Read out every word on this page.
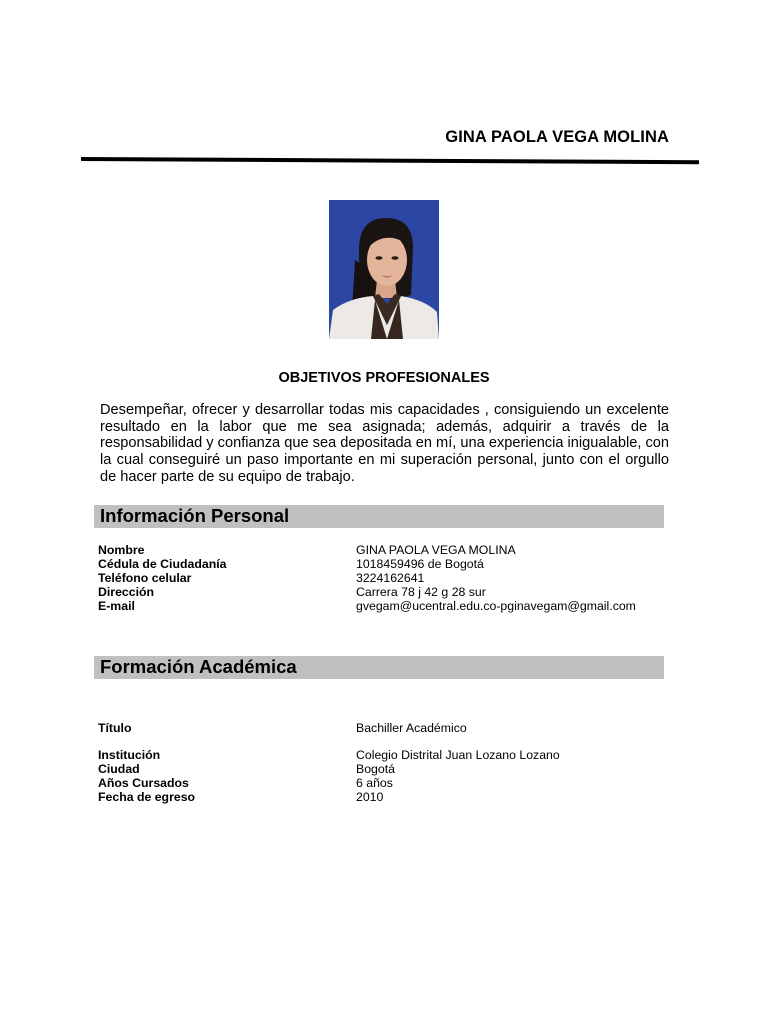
GINA PAOLA VEGA MOLINA
OBJETIVOS PROFESIONALES
Desempeñar, ofrecer y desarrollar todas mis capacidades , consiguiendo un excelente resultado en la labor que me sea asignada; además, adquirir a través de la responsabilidad y confianza que sea depositada en mí, una experiencia inigualable, con la cual conseguiré un paso importante en mi superación personal, junto con el orgullo de hacer parte de su equipo de trabajo.
Información Personal
Nombre	GINA PAOLA VEGA MOLINA
Cédula de Ciudadanía	1018459496 de Bogotá
Teléfono celular	3224162641
Dirección	Carrera 78 j 42 g 28 sur
E-mail	gvegam@ucentral.edu.co-pginavegam@gmail.com
Formación Académica
Título	Bachiller Académico
Institución	Colegio Distrital Juan Lozano Lozano
Ciudad	Bogotá
Años Cursados	6 años
Fecha de egreso	2010
